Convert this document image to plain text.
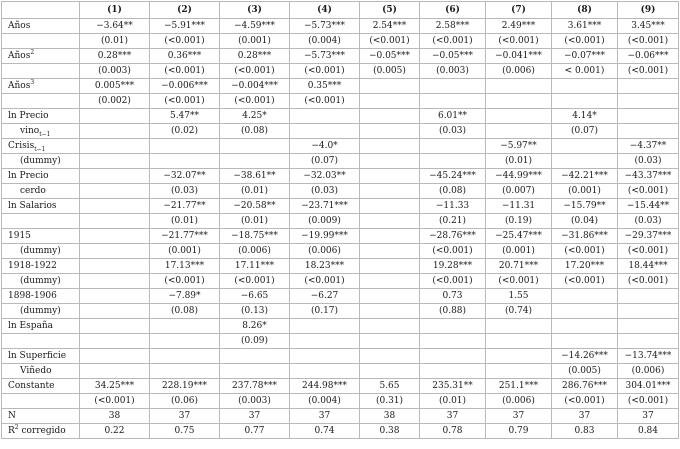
	(1)	(2)	(3)	(4)	(5)	(6)	(7)	(8)	(9)
Años	−3.64**	−5.91***	−4.59***	−5.73***	2.54***	2.58***	2.49***	3.61***	3.45***
	(0.01)	(<0.001)	(0.001)	(0.004)	(<0.001)	(<0.001)	(<0.001)	(<0.001)	(<0.001)
Años$^2$	0.28***	0.36***	0.28***	−5.73***	−0.05***	−0.05***	−0.041***	−0.07***	−0.06***
	(0.003)	(<0.001)	(<0.001)	(<0.001)	(0.005)	(0.003)	(0.006)	< 0.001)	(<0.001)
Años$^3$	0.005***	−0.006***	−0.004***	0.35***					
	(0.002)	(<0.001)	(<0.001)	(<0.001)					
ln Precio		5.47**	4.25*			6.01**		4.14*	
vino$_{t-1}$		(0.02)	(0.08)			(0.03)		(0.07)	
Crisis$_{t-1}$				−4.0*			−5.97**		−4.37**
(dummy)				(0.07)			(0.01)		(0.03)
ln Precio		−32.07**	−38.61**	−32.03**		−45.24***	−44.99***	−42.21***	−43.37***
cerdo		(0.03)	(0.01)	(0.03)		(0.08)	(0.007)	(0.001)	(<0.001)
ln Salarios		−21.77**	−20.58**	−23.71***		−11.33	−11.31	−15.79**	−15.44**
		(0.01)	(0.01)	(0.009)		(0.21)	(0.19)	(0.04)	(0.03)
1915		−21.77***	−18.75***	−19.99***		−28.76***	−25.47***	−31.86***	−29.37***
(dummy)		(0.001)	(0.006)	(0.006)		(<0.001)	(0.001)	(<0.001)	(<0.001)
1918-1922		17.13***	17.11***	18.23***		19.28***	20.71***	17.20***	18.44***
(dummy)		(<0.001)	(<0.001)	(<0.001)		(<0.001)	(<0.001)	(<0.001)	(<0.001)
1898-1906		−7.89*	−6.65	−6.27		0.73	1.55		
(dummy)		(0.08)	(0.13)	(0.17)		(0.88)	(0.74)		
ln España			8.26*						
			(0.09)						
ln Superficie								−14.26***	−13.74***
Viñedo								(0.005)	(0.006)
Constante	34.25***	228.19***	237.78***	244.98***	5.65	235.31**	251.1***	286.76***	304.01***
	(<0.001)	(0.06)	(0.003)	(0.004)	(0.31)	(0.01)	(0.006)	(<0.001)	(<0.001)
N	38	37	37	37	38	37	37	37	37
$R^2$ corregido	0.22	0.75	0.77	0.74	0.38	0.78	0.79	0.83	0.84
